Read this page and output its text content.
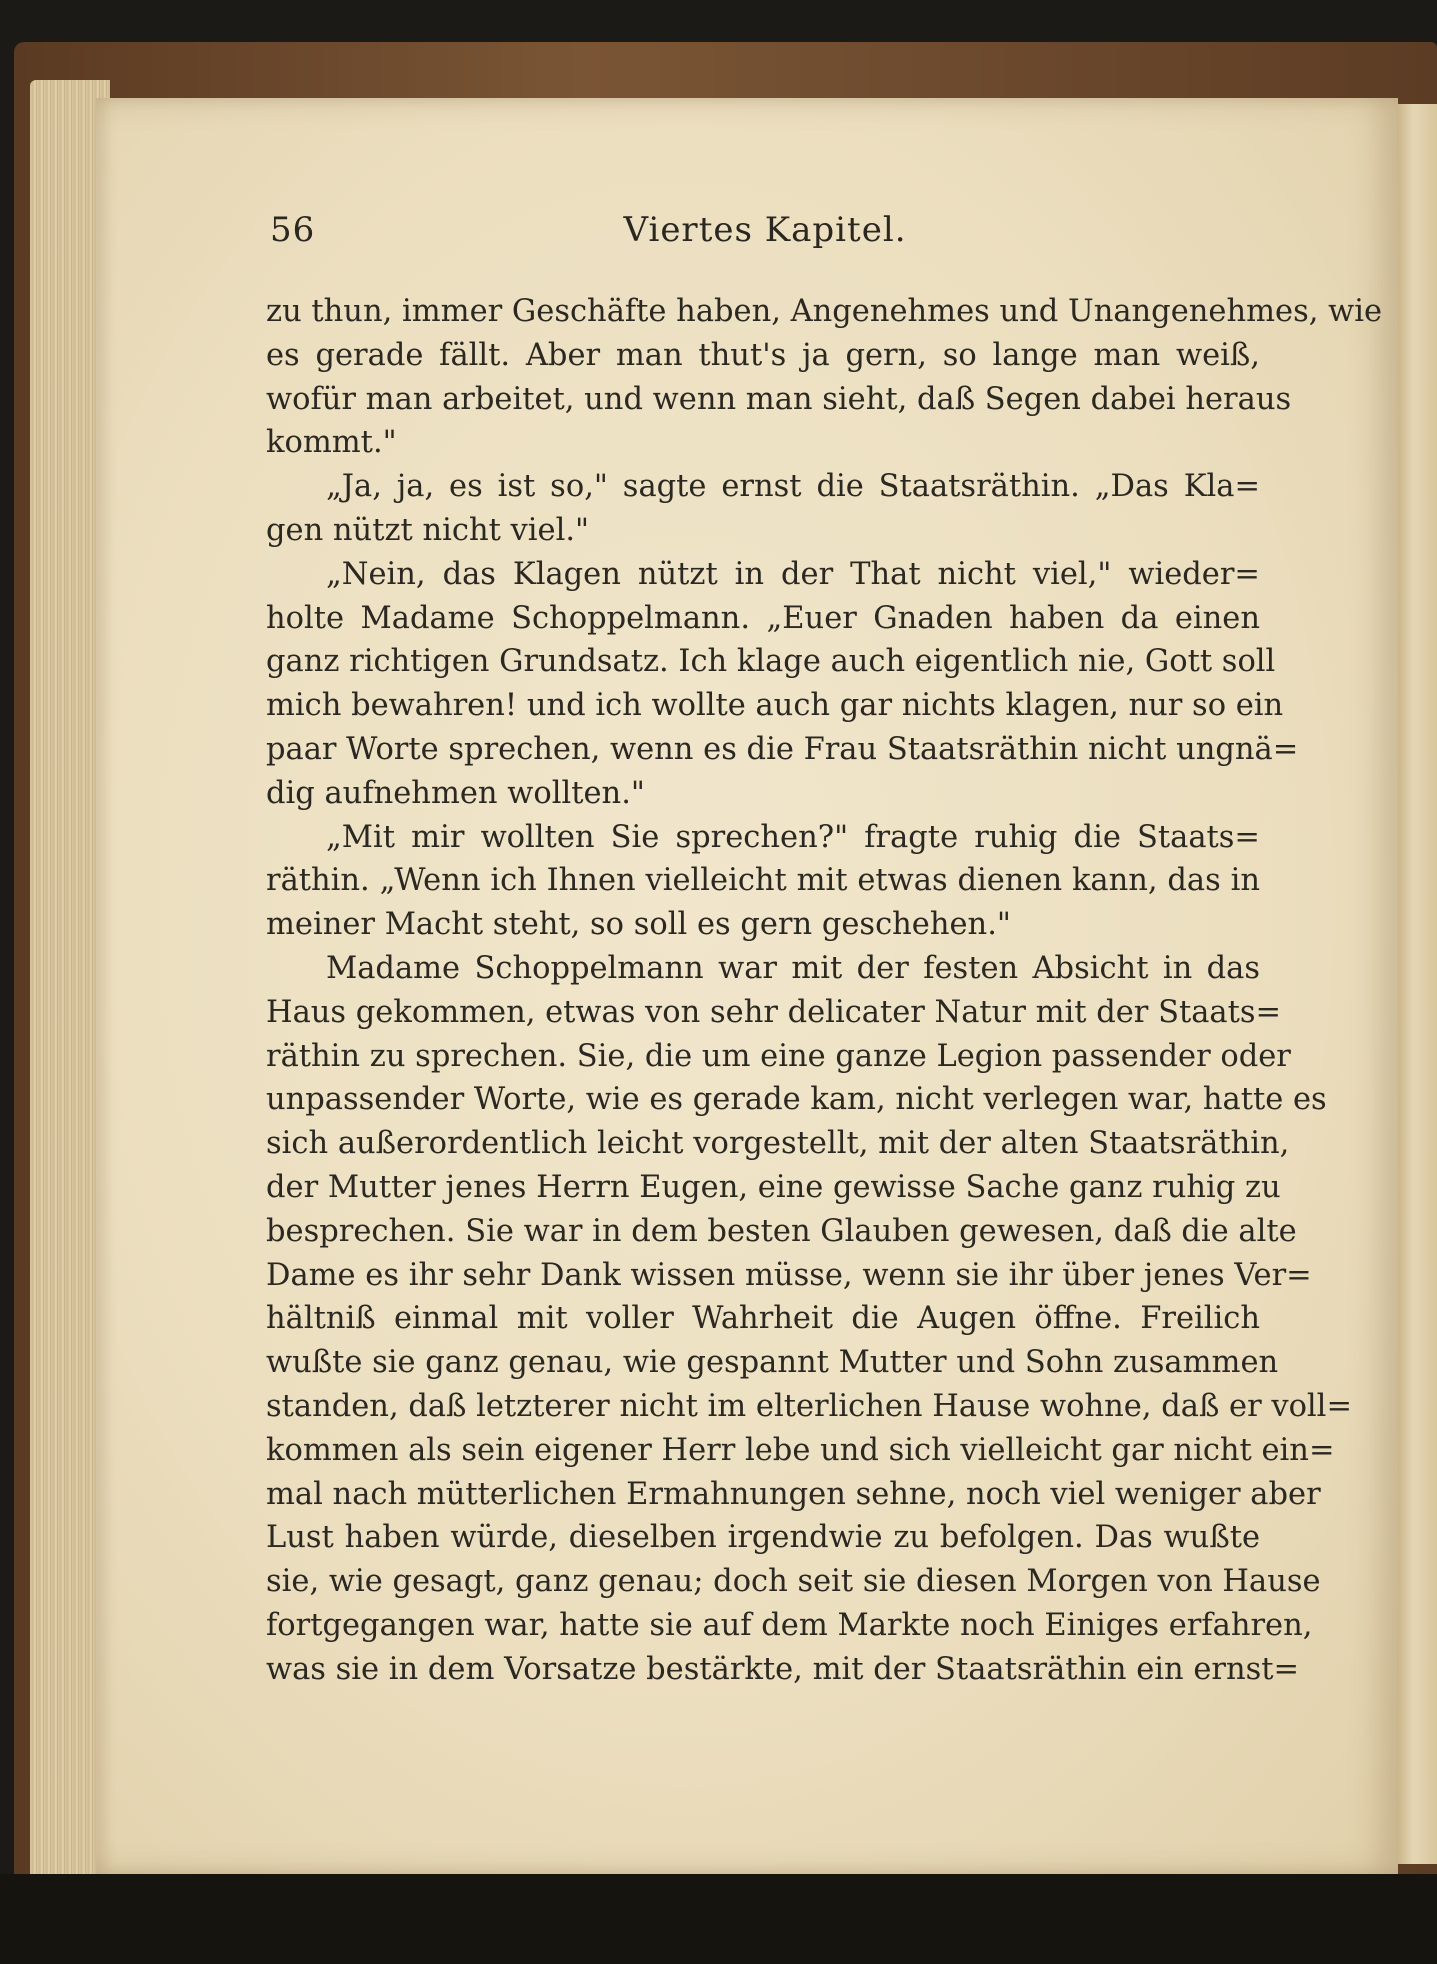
56	Viertes Kapitel.
zu thun, immer Geschäfte haben, Angenehmes und Unangenehmes, wie
es gerade fällt. Aber man thut's ja gern, so lange man weiß,
wofür man arbeitet, und wenn man sieht, daß Segen dabei heraus
kommt."
„Ja, ja, es ist so," sagte ernst die Staatsräthin. „Das Kla=
gen nützt nicht viel."
„Nein, das Klagen nützt in der That nicht viel," wieder=
holte Madame Schoppelmann. „Euer Gnaden haben da einen
ganz richtigen Grundsatz. Ich klage auch eigentlich nie, Gott soll
mich bewahren! und ich wollte auch gar nichts klagen, nur so ein
paar Worte sprechen, wenn es die Frau Staatsräthin nicht ungnä=
dig aufnehmen wollten."
„Mit mir wollten Sie sprechen?" fragte ruhig die Staats=
räthin. „Wenn ich Ihnen vielleicht mit etwas dienen kann, das in
meiner Macht steht, so soll es gern geschehen."
Madame Schoppelmann war mit der festen Absicht in das
Haus gekommen, etwas von sehr delicater Natur mit der Staats=
räthin zu sprechen. Sie, die um eine ganze Legion passender oder
unpassender Worte, wie es gerade kam, nicht verlegen war, hatte es
sich außerordentlich leicht vorgestellt, mit der alten Staatsräthin,
der Mutter jenes Herrn Eugen, eine gewisse Sache ganz ruhig zu
besprechen. Sie war in dem besten Glauben gewesen, daß die alte
Dame es ihr sehr Dank wissen müsse, wenn sie ihr über jenes Ver=
hältniß einmal mit voller Wahrheit die Augen öffne. Freilich
wußte sie ganz genau, wie gespannt Mutter und Sohn zusammen
standen, daß letzterer nicht im elterlichen Hause wohne, daß er voll=
kommen als sein eigener Herr lebe und sich vielleicht gar nicht ein=
mal nach mütterlichen Ermahnungen sehne, noch viel weniger aber
Lust haben würde, dieselben irgendwie zu befolgen. Das wußte
sie, wie gesagt, ganz genau; doch seit sie diesen Morgen von Hause
fortgegangen war, hatte sie auf dem Markte noch Einiges erfahren,
was sie in dem Vorsatze bestärkte, mit der Staatsräthin ein ernst=
